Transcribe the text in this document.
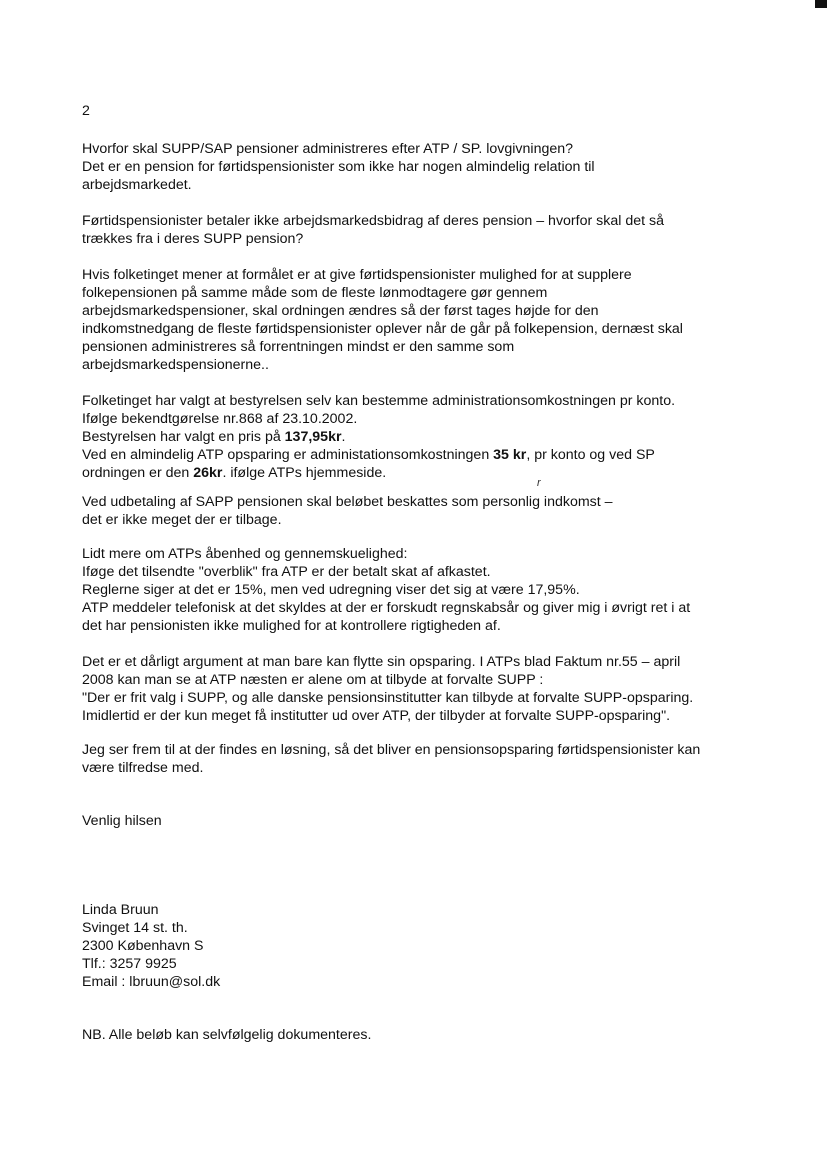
2

Hvorfor skal SUPP/SAP pensioner administreres efter ATP / SP. lovgivningen?

Det er en pension for førtidspensionister som ikke har nogen almindelig relation til

arbejdsmarkedet.

Førtidspensionister betaler ikke arbejdsmarkedsbidrag af deres pension – hvorfor skal det så

trækkes fra i deres SUPP pension?

Hvis folketinget mener at formålet er at give førtidspensionister mulighed for at supplere

folkepensionen på samme måde som de fleste lønmodtagere gør gennem

arbejdsmarkedspensioner, skal ordningen ændres så der først tages højde for den

indkomstnedgang de fleste førtidspensionister oplever når de går på folkepension, dernæst skal

pensionen administreres så forrentningen mindst er den samme som

arbejdsmarkedspensionerne..

Folketinget har valgt at bestyrelsen selv kan bestemme administrationsomkostningen pr konto.

Ifølge bekendtgørelse nr.868 af 23.10.2002.

Bestyrelsen har valgt en pris på 137,95kr.

Ved en almindelig ATP opsparing er administationsomkostningen 35 kr, pr konto og ved SP

ordningen er den 26kr. ifølge ATPs hjemmeside.

r

Ved udbetaling af SAPP pensionen skal beløbet beskattes som personlig indkomst –

det er ikke meget der er tilbage.

Lidt mere om ATPs åbenhed og gennemskuelighed:

Iføge det tilsendte "overblik" fra ATP er der betalt skat af afkastet.

Reglerne siger at det er 15%, men ved udregning viser det sig at være 17,95%.

ATP meddeler telefonisk at det skyldes at der er forskudt regnskabsår og giver mig i øvrigt ret i at

det har pensionisten ikke mulighed for at kontrollere rigtigheden af.

Det er et dårligt argument at man bare kan flytte sin opsparing. I ATPs blad Faktum nr.55 – april

2008 kan man se at ATP næsten er alene om at tilbyde at forvalte SUPP :

"Der er frit valg i SUPP, og alle danske pensionsinstitutter kan tilbyde at forvalte SUPP-opsparing.

Imidlertid er der kun meget få institutter ud over ATP, der tilbyder at forvalte SUPP-opsparing".

Jeg ser frem til at der findes en løsning, så det bliver en pensionsopsparing førtidspensionister kan

være tilfredse med.

Venlig hilsen

Linda Bruun

Svinget 14 st. th.

2300 København S

Tlf.: 3257 9925

Email : lbruun@sol.dk

NB. Alle beløb kan selvfølgelig dokumenteres.
